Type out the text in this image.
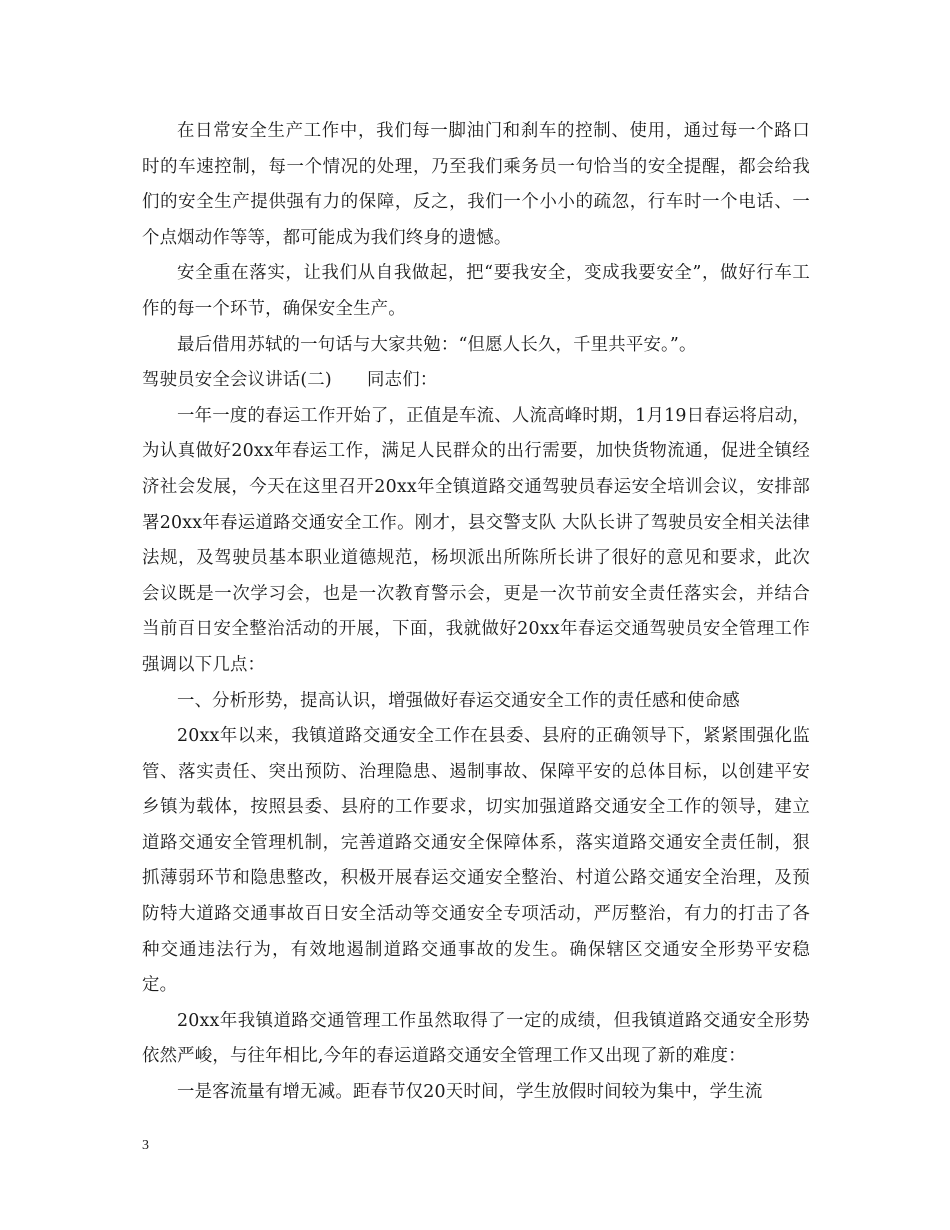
在日常安全生产工作中，我们每一脚油门和刹车的控制、使用，通过每一个路口时的车速控制，每一个情况的处理，乃至我们乘务员一句恰当的安全提醒，都会给我们的安全生产提供强有力的保障，反之，我们一个小小的疏忽，行车时一个电话、一个点烟动作等等，都可能成为我们终身的遗憾。

安全重在落实，让我们从自我做起，把“要我安全，变成我要安全”，做好行车工作的每一个环节，确保安全生产。

最后借用苏轼的一句话与大家共勉：“但愿人长久，千里共平安。”。

驾驶员安全会议讲话(二)　　同志们：

一年一度的春运工作开始了，正值是车流、人流高峰时期，1月19日春运将启动，为认真做好20xx年春运工作，满足人民群众的出行需要，加快货物流通，促进全镇经济社会发展，今天在这里召开20xx年全镇道路交通驾驶员春运安全培训会议，安排部署20xx年春运道路交通安全工作。刚才，县交警支队 大队长讲了驾驶员安全相关法律法规，及驾驶员基本职业道德规范，杨坝派出所陈所长讲了很好的意见和要求，此次会议既是一次学习会，也是一次教育警示会，更是一次节前安全责任落实会，并结合当前百日安全整治活动的开展，下面，我就做好20xx年春运交通驾驶员安全管理工作强调以下几点：

一、分析形势，提高认识，增强做好春运交通安全工作的责任感和使命感

20xx年以来，我镇道路交通安全工作在县委、县府的正确领导下，紧紧围强化监管、落实责任、突出预防、治理隐患、遏制事故、保障平安的总体目标，以创建平安乡镇为载体，按照县委、县府的工作要求，切实加强道路交通安全工作的领导，建立道路交通安全管理机制，完善道路交通安全保障体系，落实道路交通安全责任制，狠抓薄弱环节和隐患整改，积极开展春运交通安全整治、村道公路交通安全治理，及预防特大道路交通事故百日安全活动等交通安全专项活动，严厉整治，有力的打击了各种交通违法行为，有效地遏制道路交通事故的发生。确保辖区交通安全形势平安稳定。

20xx年我镇道路交通管理工作虽然取得了一定的成绩，但我镇道路交通安全形势依然严峻，与往年相比,今年的春运道路交通安全管理工作又出现了新的难度：

一是客流量有增无减。距春节仅20天时间，学生放假时间较为集中，学生流

3
